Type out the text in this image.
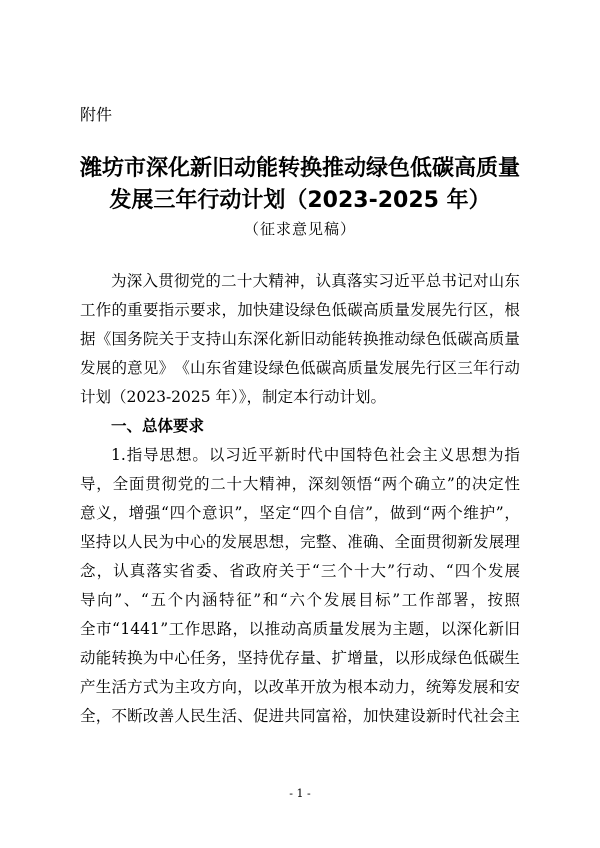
附件
潍坊市深化新旧动能转换推动绿色低碳高质量
发展三年行动计划（2023-2025 年）
（征求意见稿）
为 深 入 贯 彻 党 的 二 十 大 精 神 ， 认 真 落 实 习 近 平 总 书 记 对 山 东
工 作 的 重 要 指 示 要 求 ， 加 快 建 设 绿 色 低 碳 高 质 量 发 展 先 行 区 ， 根
据 《 国 务 院 关 于 支 持 山 东 深 化 新 旧 动 能 转 换 推 动 绿 色 低 碳 高 质 量
发 展 的 意 见 》 《 山 东 省 建 设 绿 色 低 碳 高 质 量 发 展 先 行 区 三 年 行 动
计划（2023-2025 年）》，制定本行动计划。
一、总体要求
1. 指 导 思 想 。 以 习 近 平 新 时 代 中 国 特 色 社 会 主 义 思 想 为 指
导 ， 全 面 贯 彻 党 的 二 十 大 精 神 ， 深 刻 领 悟 “ 两 个 确 立 ” 的 决 定 性
意 义 ， 增 强 “ 四 个 意 识 ” ， 坚 定 “ 四 个 自 信 ” ， 做 到 “ 两 个 维 护 ” ，
坚 持 以 人 民 为 中 心 的 发 展 思 想 ， 完 整 、 准 确 、 全 面 贯 彻 新 发 展 理
念 ， 认 真 落 实 省 委 、 省 政 府 关 于 “ 三 个 十 大 ” 行 动 、 “ 四 个 发 展
导 向 ” 、 “ 五 个 内 涵 特 征 ” 和 “ 六 个 发 展 目 标 ” 工 作 部 署 ， 按 照
全 市 “ 1441 ” 工 作 思 路 ， 以 推 动 高 质 量 发 展 为 主 题 ， 以 深 化 新 旧
动 能 转 换 为 中 心 任 务 ， 坚 持 优 存 量 、 扩 增 量 ， 以 形 成 绿 色 低 碳 生
产 生 活 方 式 为 主 攻 方 向 ， 以 改 革 开 放 为 根 本 动 力 ， 统 筹 发 展 和 安
全 ， 不 断 改 善 人 民 生 活 、 促 进 共 同 富 裕 ， 加 快 建 设 新 时 代 社 会 主
- 1 -
